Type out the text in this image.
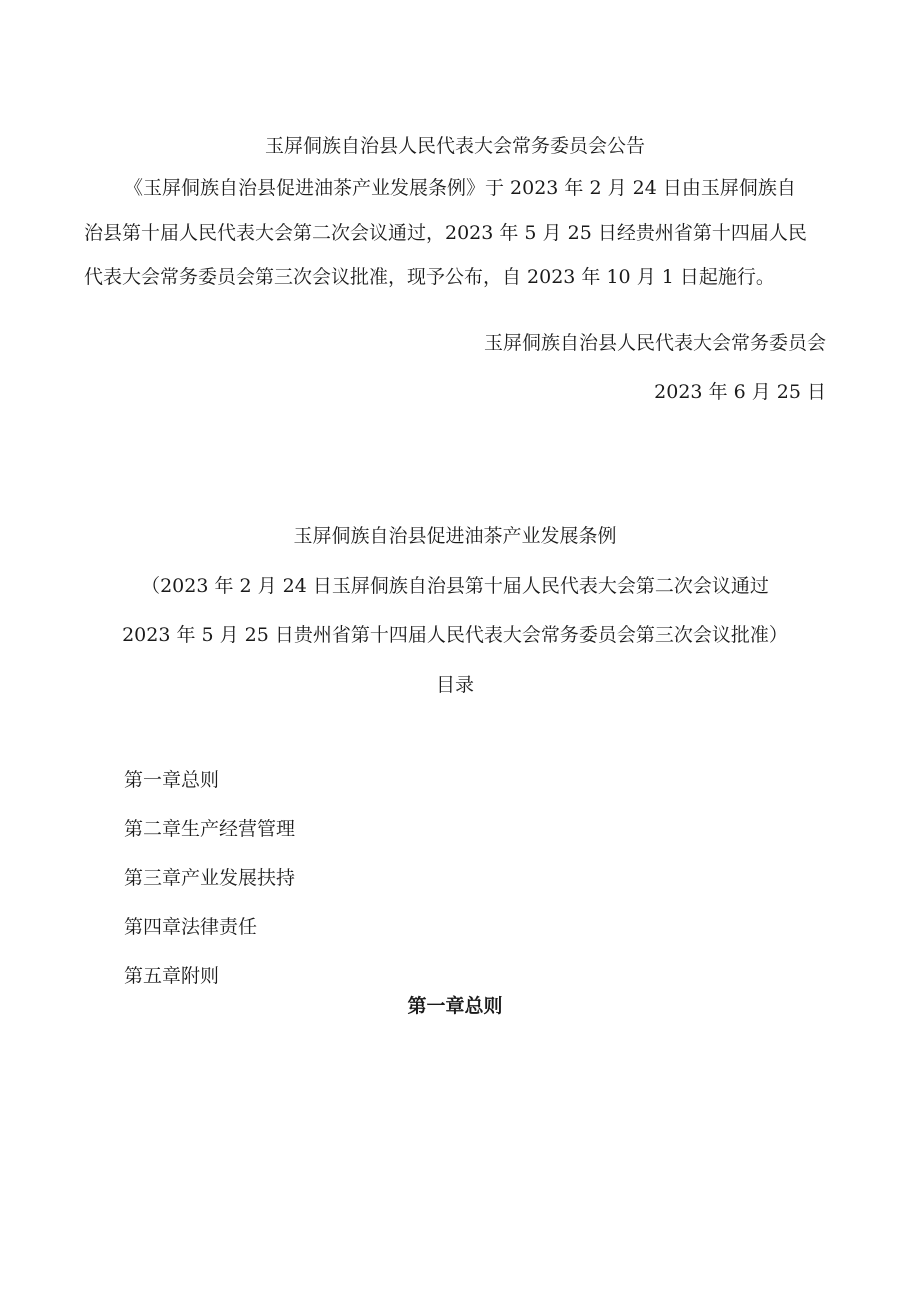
玉屏侗族自治县人民代表大会常务委员会公告
《玉屏侗族自治县促进油茶产业发展条例》于 2023 年 2 月 24 日由玉屏侗族自
治县第十届人民代表大会第二次会议通过，2023 年 5 月 25 日经贵州省第十四届人民
代表大会常务委员会第三次会议批准，现予公布，自 2023 年 10 月 1 日起施行。
玉屏侗族自治县人民代表大会常务委员会
2023 年 6 月 25 日
玉屏侗族自治县促进油茶产业发展条例
（2023 年 2 月 24 日玉屏侗族自治县第十届人民代表大会第二次会议通过
2023 年 5 月 25 日贵州省第十四届人民代表大会常务委员会第三次会议批准）
目录
第一章总则
第二章生产经营管理
第三章产业发展扶持
第四章法律责任
第五章附则
第一章总则
